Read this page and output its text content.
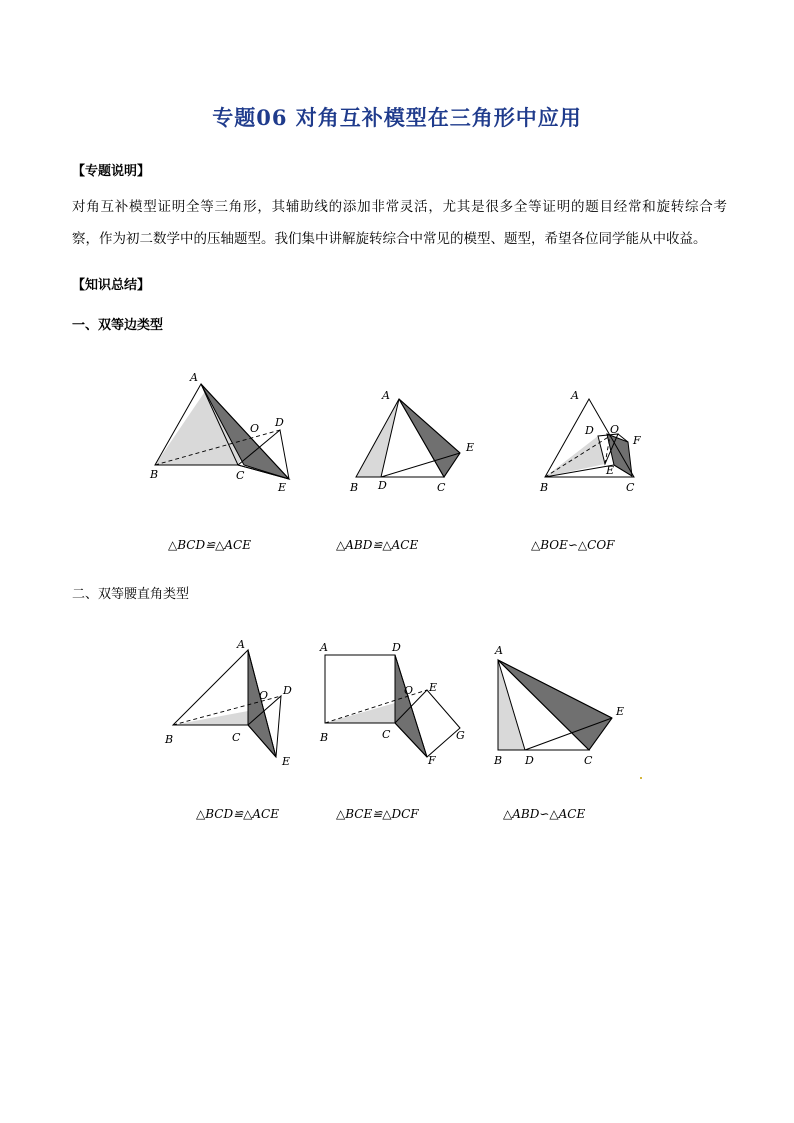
专题06 对角互补模型在三角形中应用
【专题说明】

对角互补模型证明全等三角形，其辅助线的添加非常灵活，尤其是很多全等证明的题目经常和旋转综合考

察，作为初二数学中的压轴题型。我们集中讲解旋转综合中常见的模型、题型，希望各位同学能从中收益。

【知识总结】
一、双等边类型
二、双等腰直角类型
A
O D
B	C
E
△BCD≌△ACE
A
E
B D	C
△ABD≌△ACE
A
D O
F
E
B	C
△BOE∽△COF
A
O D
B	C
E
△BCD≌△ACE
A	D
O E
B	C	G
F
△BCE≌△DCF
A
E
B D	C
△ABD∽△ACE
